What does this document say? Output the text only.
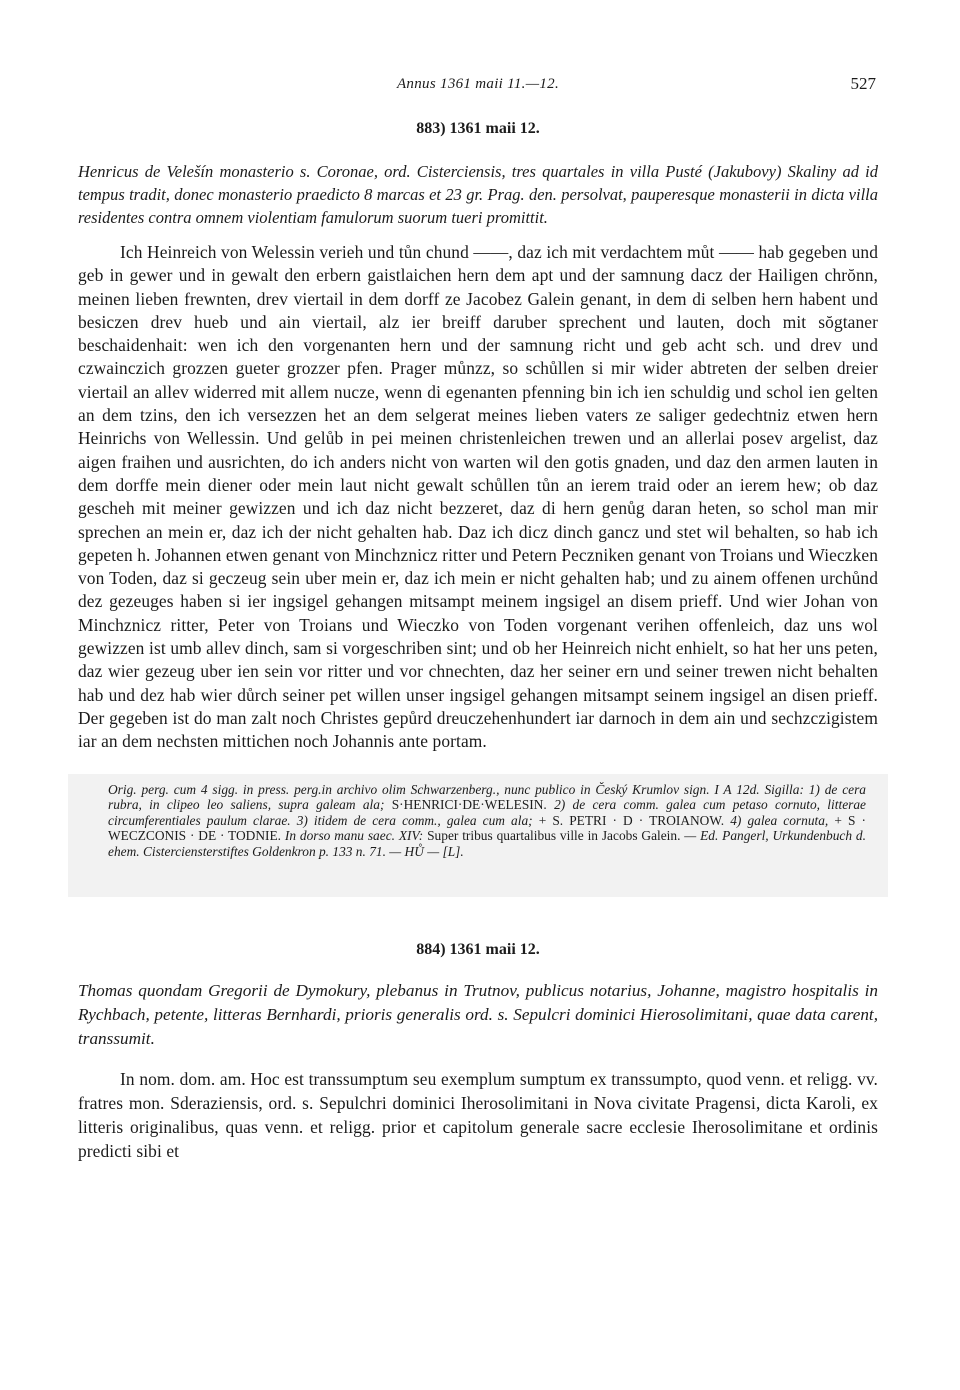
Annus 1361 maii 11.—12.	527
883) 1361 maii 12.
Henricus de Velešín monasterio s. Coronae, ord. Cisterciensis, tres quartales in villa Pusté (Jakubovy) Skaliny ad id tempus tradit, donec monasterio praedicto 8 marcas et 23 gr. Prag. den. persolvat, pauperesque monasterii in dicta villa residentes contra omnem violentiam famulorum suorum tueri promittit.
Ich Heinreich von Welessin verieh und tůn chund ——, daz ich mit verdachtem můt —— hab gegeben und geb in gewer und in gewalt den erbern gaistlaichen hern dem apt und der samnung dacz der Hailigen chrŏnn, meinen lieben frewnten, drev viertail in dem dorff ze Jacobez Galein genant, in dem di selben hern habent und besiczen drev hueb und ain viertail, alz ier breiff daruber sprechent und lauten, doch mit sŏgtaner beschaidenhait: wen ich den vorgenanten hern und der samnung richt und geb acht sch. und drev und czwainczich grozzen gueter grozzer pfen. Prager můnzz, so schůllen si mir wider abtreten der selben dreier viertail an allev widerred mit allem nucze, wenn di egenanten pfenning bin ich ien schuldig und schol ien gelten an dem tzins, den ich versezzen het an dem selgerat meines lieben vaters ze saliger gedechtniz etwen hern Heinrichs von Wellessin. Und gelůb in pei meinen christenleichen trewen und an allerlai posev argelist, daz aigen fraihen und ausrichten, do ich anders nicht von warten wil den gotis gnaden, und daz den armen lauten in dem dorffe mein diener oder mein laut nicht gewalt schůllen tůn an ierem traid oder an ierem hew; ob daz gescheh mit meiner gewizzen und ich daz nicht bezzeret, daz di hern genůg daran heten, so schol man mir sprechen an mein er, daz ich der nicht gehalten hab. Daz ich dicz dinch gancz und stet wil behalten, so hab ich gepeten h. Johannen etwen genant von Minchznicz ritter und Petern Peczniken genant von Troians und Wieczken von Toden, daz si geczeug sein uber mein er, daz ich mein er nicht gehalten hab; und zu ainem offenen urchůnd dez gezeuges haben si ier ingsigel gehangen mitsampt meinem ingsigel an disem prieff. Und wier Johan von Minchznicz ritter, Peter von Troians und Wieczko von Toden vorgenant verihen offenleich, daz uns wol gewizzen ist umb allev dinch, sam si vorgeschriben sint; und ob her Heinreich nicht enhielt, so hat her uns peten, daz wier gezeug uber ien sein vor ritter und vor chnechten, daz her seiner ern und seiner trewen nicht behalten hab und dez hab wier důrch seiner pet willen unser ingsigel gehangen mitsampt seinem ingsigel an disen prieff. Der gegeben ist do man zalt noch Christes gepůrd dreuczehenhundert iar darnoch in dem ain und sechzczigistem iar an dem nechsten mittichen noch Johannis ante portam.
Orig. perg. cum 4 sigg. in press. perg.in archivo olim Schwarzenberg., nunc publico in Český Krumlov sign. I A 12d. Sigilla: 1) de cera rubra, in clipeo leo saliens, supra galeam ala; S·HENRICI·DE·WELESIN. 2) de cera comm. galea cum petaso cornuto, litterae circumferentiales paulum clarae. 3) itidem de cera comm., galea cum ala; + S. PETRI · D · TROIANOW. 4) galea cornuta, + S · WECZCONIS · DE · TODNIE. In dorso manu saec. XIV: Super tribus quartalibus ville in Jacobs Galein. — Ed. Pangerl, Urkundenbuch d. ehem. Cisterciensterstiftes Goldenkron p. 133 n. 71. — HŮ — [L].
884) 1361 maii 12.
Thomas quondam Gregorii de Dymokury, plebanus in Trutnov, publicus notarius, Johanne, magistro hospitalis in Rychbach, petente, litteras Bernhardi, prioris generalis ord. s. Sepulcri dominici Hierosolimitani, quae data carent, transsumit.
In nom. dom. am. Hoc est transsumptum seu exemplum sumptum ex transsumpto, quod venn. et religg. vv. fratres mon. Sderaziensis, ord. s. Sepulchri dominici Iherosolimitani in Nova civitate Pragensi, dicta Karoli, ex litteris originalibus, quas venn. et religg. prior et capitolum generale sacre ecclesie Iherosolimitane et ordinis predicti sibi et
